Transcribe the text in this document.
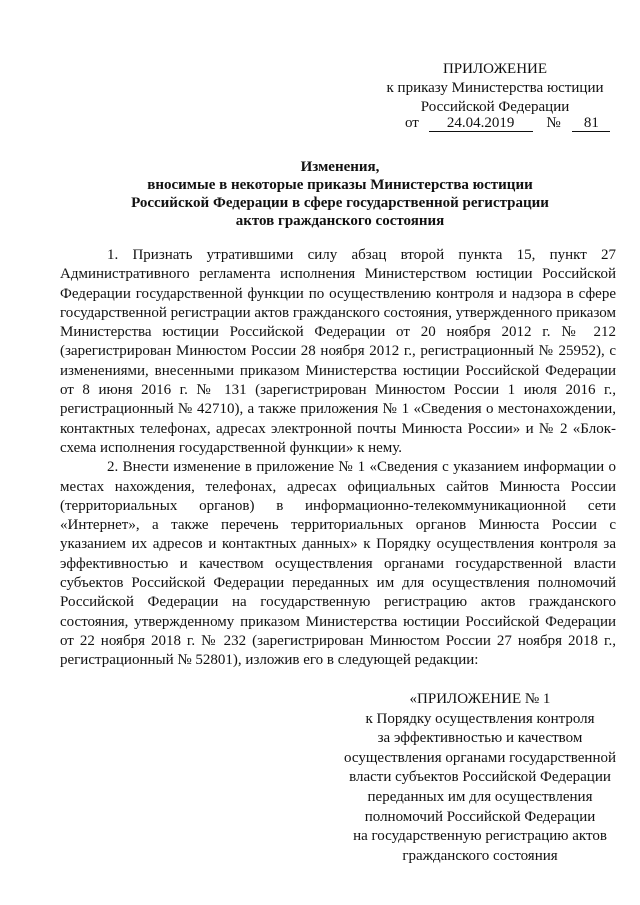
ПРИЛОЖЕНИЕ
к приказу Министерства юстиции
Российской Федерации
от 24.04.2019 № 81
Изменения,
вносимые в некоторые приказы Министерства юстиции
Российской Федерации в сфере государственной регистрации
актов гражданского состояния

1. Признать утратившими силу абзац второй пункта 15, пункт 27 Административного регламента исполнения Министерством юстиции Российской Федерации государственной функции по осуществлению контроля и надзора в сфере государственной регистрации актов гражданского состояния, утвержденного приказом Министерства юстиции Российской Федерации от 20 ноября 2012 г. № 212 (зарегистрирован Минюстом России 28 ноября 2012 г., регистрационный № 25952), с изменениями, внесенными приказом Министерства юстиции Российской Федерации от 8 июня 2016 г. № 131 (зарегистрирован Минюстом России 1 июля 2016 г., регистрационный № 42710), а также приложения № 1 «Сведения о местонахождении, контактных телефонах, адресах электронной почты Минюста России» и № 2 «Блок-схема исполнения государственной функции» к нему.

2. Внести изменение в приложение № 1 «Сведения с указанием информации о местах нахождения, телефонах, адресах официальных сайтов Минюста России (территориальных органов) в информационно-телекоммуникационной сети «Интернет», а также перечень территориальных органов Минюста России с указанием их адресов и контактных данных» к Порядку осуществления контроля за эффективностью и качеством осуществления органами государственной власти субъектов Российской Федерации переданных им для осуществления полномочий Российской Федерации на государственную регистрацию актов гражданского состояния, утвержденному приказом Министерства юстиции Российской Федерации от 22 ноября 2018 г. № 232 (зарегистрирован Минюстом России 27 ноября 2018 г., регистрационный № 52801), изложив его в следующей редакции:

«ПРИЛОЖЕНИЕ № 1
к Порядку осуществления контроля
за эффективностью и качеством
осуществления органами государственной
власти субъектов Российской Федерации
переданных им для осуществления
полномочий Российской Федерации
на государственную регистрацию актов
гражданского состояния
